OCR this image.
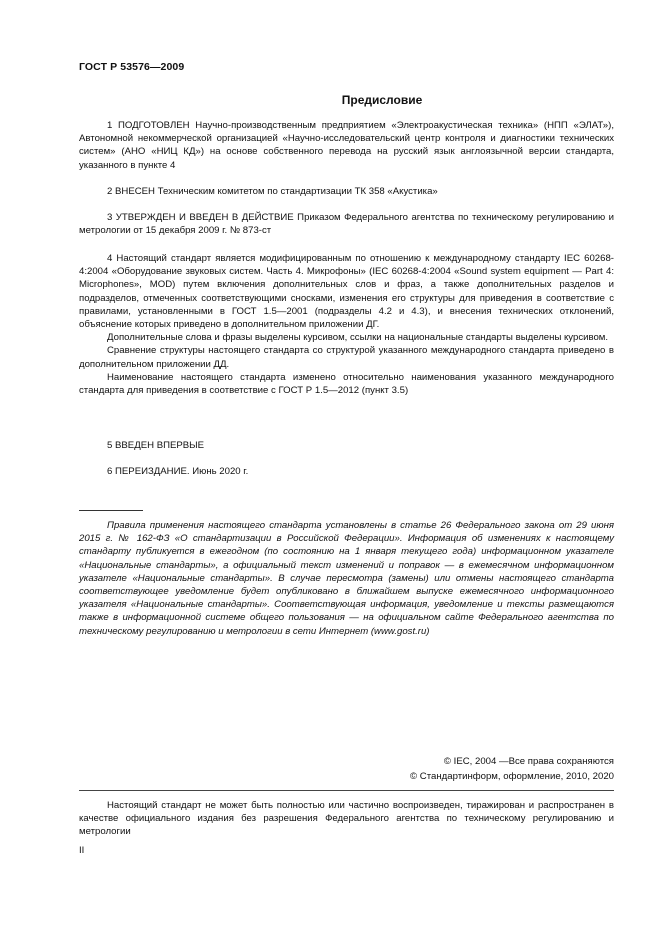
ГОСТ Р 53576—2009
Предисловие

1 ПОДГОТОВЛЕН Научно-производственным предприятием «Электроакустическая техника» (НПП «ЭЛАТ»), Автономной некоммерческой организацией «Научно-исследовательский центр контроля и диагностики технических систем» (АНО «НИЦ КД») на основе собственного перевода на русский язык англоязычной версии стандарта, указанного в пункте 4

2 ВНЕСЕН Техническим комитетом по стандартизации ТК 358 «Акустика»

3 УТВЕРЖДЕН И ВВЕДЕН В ДЕЙСТВИЕ Приказом Федерального агентства по техническому регулированию и метрологии от 15 декабря 2009 г. № 873-ст

4 Настоящий стандарт является модифицированным по отношению к международному стандарту IEC 60268-4:2004 «Оборудование звуковых систем. Часть 4. Микрофоны» (IEC 60268-4:2004 «Sound system equipment — Part 4: Microphones», MOD) путем включения дополнительных слов и фраз, а также дополнительных разделов и подразделов, отмеченных соответствующими сносками, изменения его структуры для приведения в соответствие с правилами, установленными в ГОСТ 1.5—2001 (подразделы 4.2 и 4.3), и внесения технических отклонений, объяснение которых приведено в дополнительном приложении ДГ.

Дополнительные слова и фразы выделены курсивом, ссылки на национальные стандарты выделены курсивом.

Сравнение структуры настоящего стандарта со структурой указанного международного стандарта приведено в дополнительном приложении ДД.

Наименование настоящего стандарта изменено относительно наименования указанного международного стандарта для приведения в соответствие с ГОСТ Р 1.5—2012 (пункт 3.5)

5 ВВЕДЕН ВПЕРВЫЕ

6 ПЕРЕИЗДАНИЕ. Июнь 2020 г.

Правила применения настоящего стандарта установлены в статье 26 Федерального закона от 29 июня 2015 г. № 162-ФЗ «О стандартизации в Российской Федерации». Информация об изменениях к настоящему стандарту публикуется в ежегодном (по состоянию на 1 января текущего года) информационном указателе «Национальные стандарты», а официальный текст изменений и поправок — в ежемесячном информационном указателе «Национальные стандарты». В случае пересмотра (замены) или отмены настоящего стандарта соответствующее уведомление будет опубликовано в ближайшем выпуске ежемесячного информационного указателя «Национальные стандарты». Соответствующая информация, уведомление и тексты размещаются также в информационной системе общего пользования — на официальном сайте Федерального агентства по техническому регулированию и метрологии в сети Интернет (www.gost.ru)

© IEC, 2004 —Все права сохраняются
© Стандартинформ, оформление, 2010, 2020

Настоящий стандарт не может быть полностью или частично воспроизведен, тиражирован и распространен в качестве официального издания без разрешения Федерального агентства по техническому регулированию и метрологии

II
